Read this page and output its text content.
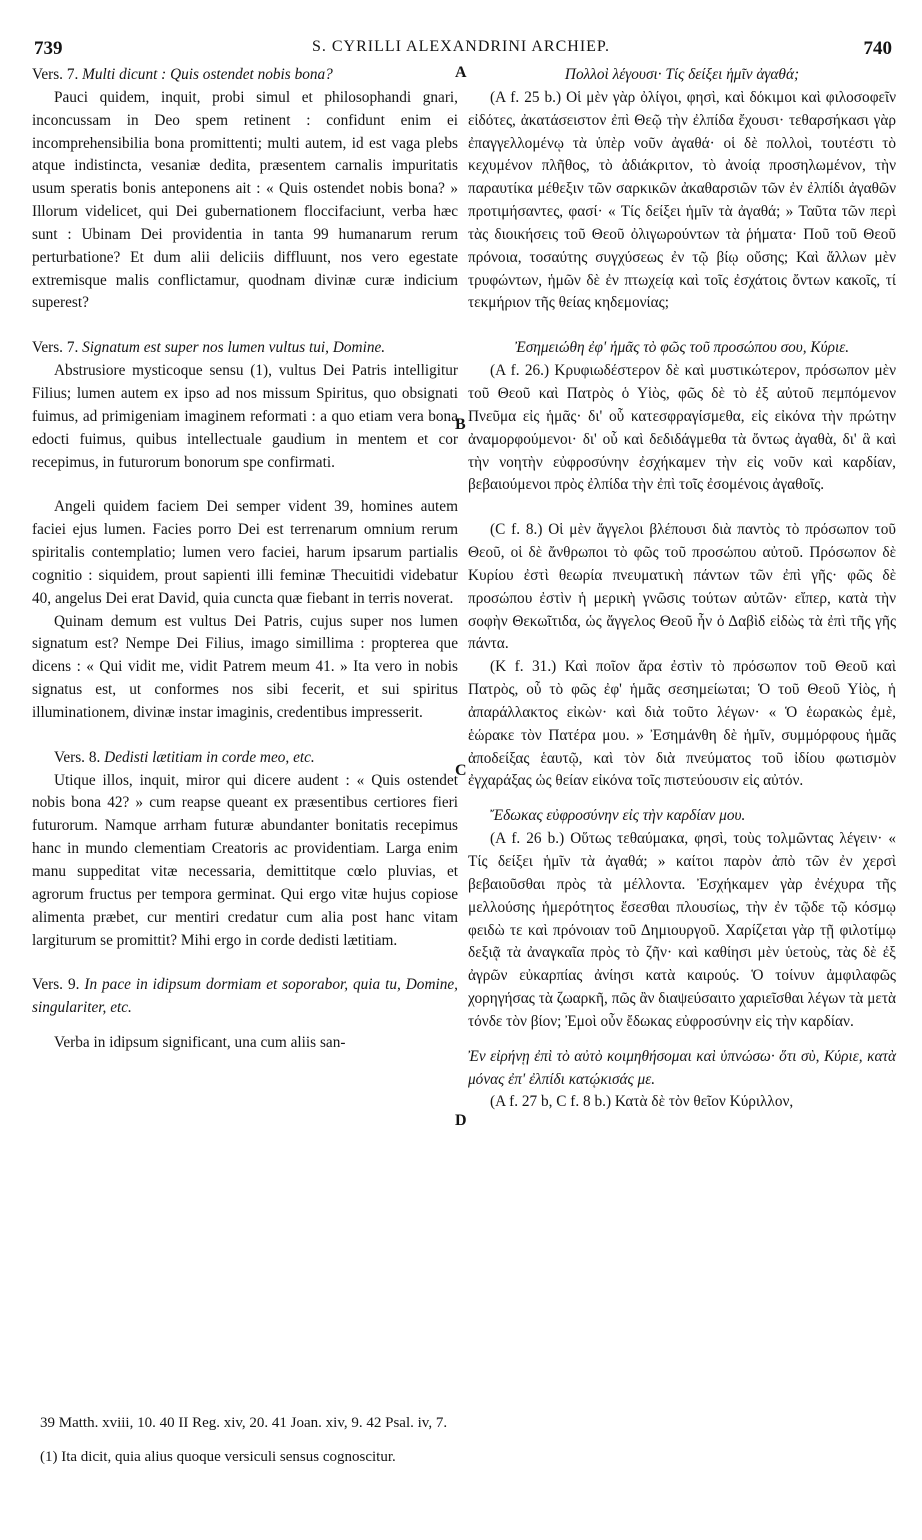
739	S. CYRILLI ALEXANDRINI ARCHIEP.	740
A
B
C
D

Vers. 7. Multi dicunt : Quis ostendet nobis bona?

Pauci quidem, inquit, probi simul et philosophandi gnari, inconcussam in Deo spem retinent : confidunt enim ei incomprehensibilia bona promittenti; multi autem, id est vaga plebs atque indistincta, vesaniæ dedita, præsentem carnalis impuritatis usum speratis bonis anteponens ait : « Quis ostendet nobis bona? » Illorum videlicet, qui Dei gubernationem floccifaciunt, verba hæc sunt : Ubinam Dei providentia in tanta 99 humanarum rerum perturbatione? Et dum alii deliciis diffluunt, nos vero egestate extremisque malis conflictamur, quodnam divinæ curæ indicium superest?

Vers. 7. Signatum est super nos lumen vultus tui, Domine.

Abstrusiore mysticoque sensu (1), vultus Dei Patris intelligitur Filius; lumen autem ex ipso ad nos missum Spiritus, quo obsignati fuimus, ad primigeniam imaginem reformati : a quo etiam vera bona edocti fuimus, quibus intellectuale gaudium in mentem et cor recepimus, in futurorum bonorum spe confirmati.

Angeli quidem faciem Dei semper vident 39, homines autem faciei ejus lumen. Facies porro Dei est terrenarum omnium rerum spiritalis contemplatio; lumen vero faciei, harum ipsarum partialis cognitio : siquidem, prout sapienti illi feminæ Thecuitidi videbatur 40, angelus Dei erat David, quia cuncta quæ fiebant in terris noverat.

Quinam demum est vultus Dei Patris, cujus super nos lumen signatum est? Nempe Dei Filius, imago simillima : propterea que dicens : « Qui vidit me, vidit Patrem meum 41. » Ita vero in nobis signatus est, ut conformes nos sibi fecerit, et sui spiritus illuminationem, divinæ instar imaginis, credentibus impresserit.

Vers. 8. Dedisti lætitiam in corde meo, etc.

Utique illos, inquit, miror qui dicere audent : « Quis ostendet nobis bona 42? » cum reapse queant ex præsentibus certiores fieri futurorum. Namque arrham futuræ abundanter bonitatis recepimus hanc in mundo clementiam Creatoris ac providentiam. Larga enim manu suppeditat vitæ necessaria, demittitque cœlo pluvias, et agrorum fructus per tempora germinat. Qui ergo vitæ hujus copiose alimenta præbet, cur mentiri credatur cum alia post hanc vitam largiturum se promittit? Mihi ergo in corde dedisti lætitiam.

Vers. 9. In pace in idipsum dormiam et soporabor, quia tu, Domine, singulariter, etc.

Verba in idipsum significant, una cum aliis san-

Πολλοὶ λέγουσι· Τίς δείξει ἡμῖν ἀγαθά;

(A f. 25 b.) Οἱ μὲν γὰρ ὀλίγοι, φησὶ, καὶ δόκιμοι καὶ φιλοσοφεῖν εἰδότες, ἀκατάσειστον ἐπὶ Θεῷ τὴν ἐλπίδα ἔχουσι· τεθαρσήκασι γὰρ ἐπαγγελλομένῳ τὰ ὑπὲρ νοῦν ἀγαθά· οἱ δὲ πολλοὶ, τουτέστι τὸ κεχυμένον πλῆθος, τὸ ἀδιάκριτον, τὸ ἀνοίᾳ προσηλωμένον, τὴν παραυτίκα μέθεξιν τῶν σαρκικῶν ἀκαθαρσιῶν τῶν ἐν ἐλπίδι ἀγαθῶν προτιμήσαντες, φασί· « Τίς δείξει ἡμῖν τὰ ἀγαθά; » Ταῦτα τῶν περὶ τὰς διοικήσεις τοῦ Θεοῦ ὀλιγωρούντων τὰ ῥήματα· Ποῦ τοῦ Θεοῦ πρόνοια, τοσαύτης συγχύσεως ἐν τῷ βίῳ οὔσης; Καὶ ἄλλων μὲν τρυφώντων, ἡμῶν δὲ ἐν πτωχείᾳ καὶ τοῖς ἐσχάτοις ὄντων κακοῖς, τί τεκμήριον τῆς θείας κηδεμονίας;

Ἐσημειώθη ἐφ' ἡμᾶς τὸ φῶς τοῦ προσώπου σου, Κύριε.

(A f. 26.) Κρυφιωδέστερον δὲ καὶ μυστικώτερον, πρόσωπον μὲν τοῦ Θεοῦ καὶ Πατρὸς ὁ Υἱὸς, φῶς δὲ τὸ ἐξ αὐτοῦ πεμπόμενον Πνεῦμα εἰς ἡμᾶς· δι' οὗ κατεσφραγίσμεθα, εἰς εἰκόνα τὴν πρώτην ἀναμορφούμενοι· δι' οὗ καὶ δεδιδάγμεθα τὰ ὄντως ἀγαθὰ, δι' ἃ καὶ τὴν νοητὴν εὐφροσύνην ἐσχήκαμεν τὴν εἰς νοῦν καὶ καρδίαν, βεβαιούμενοι πρὸς ἐλπίδα τὴν ἐπὶ τοῖς ἐσομένοις ἀγαθοῖς.

(C f. 8.) Οἱ μὲν ἄγγελοι βλέπουσι διὰ παντὸς τὸ πρόσωπον τοῦ Θεοῦ, οἱ δὲ ἄνθρωποι τὸ φῶς τοῦ προσώπου αὐτοῦ. Πρόσωπον δὲ Κυρίου ἐστὶ θεωρία πνευματικὴ πάντων τῶν ἐπὶ γῆς· φῶς δὲ προσώπου ἐστὶν ἡ μερικὴ γνῶσις τούτων αὐτῶν· εἴπερ, κατὰ τὴν σοφὴν Θεκωῖτιδα, ὡς ἄγγελος Θεοῦ ἦν ὁ Δαβὶδ εἰδὼς τὰ ἐπὶ τῆς γῆς πάντα.

(K f. 31.) Καὶ ποῖον ἄρα ἐστὶν τὸ πρόσωπον τοῦ Θεοῦ καὶ Πατρὸς, οὗ τὸ φῶς ἐφ' ἡμᾶς σεσημείωται; Ὁ τοῦ Θεοῦ Υἱὸς, ἡ ἀπαράλλακτος εἰκὼν· καὶ διὰ τοῦτο λέγων· « Ὁ ἑωρακὼς ἐμὲ, ἑώρακε τὸν Πατέρα μου. » Ἐσημάνθη δὲ ἡμῖν, συμμόρφους ἡμᾶς ἀποδείξας ἑαυτῷ, καὶ τὸν διὰ πνεύματος τοῦ ἰδίου φωτισμὸν ἐγχαράξας ὡς θείαν εἰκόνα τοῖς πιστεύουσιν εἰς αὐτόν.

Ἔδωκας εὐφροσύνην εἰς τὴν καρδίαν μου.

(A f. 26 b.) Οὕτως τεθαύμακα, φησὶ, τοὺς τολμῶντας λέγειν· « Τίς δείξει ἡμῖν τὰ ἀγαθά; » καίτοι παρὸν ἀπὸ τῶν ἐν χερσὶ βεβαιοῦσθαι πρὸς τὰ μέλλοντα. Ἐσχήκαμεν γὰρ ἐνέχυρα τῆς μελλούσης ἡμερότητος ἔσεσθαι πλουσίως, τὴν ἐν τῷδε τῷ κόσμῳ φειδὼ τε καὶ πρόνοιαν τοῦ Δημιουργοῦ. Χαρίζεται γὰρ τῇ φιλοτίμῳ δεξιᾷ τὰ ἀναγκαῖα πρὸς τὸ ζῆν· καὶ καθίησι μὲν ὑετοὺς, τὰς δὲ ἐξ ἀγρῶν εὐκαρπίας ἀνίησι κατὰ καιρούς. Ὁ τοίνυν ἀμφιλαφῶς χορηγήσας τὰ ζωαρκῆ, πῶς ἂν διαψεύσαιτο χαριεῖσθαι λέγων τὰ μετὰ τόνδε τὸν βίον; Ἐμοὶ οὖν ἔδωκας εὐφροσύνην εἰς τὴν καρδίαν.

Ἐν εἰρήνῃ ἐπὶ τὸ αὐτὸ κοιμηθήσομαι καὶ ὑπνώσω· ὅτι σὺ, Κύριε, κατὰ μόνας ἐπ' ἐλπίδι κατῴκισάς με.

(A f. 27 b, C f. 8 b.) Κατὰ δὲ τὸν θεῖον Κύριλλον,

39 Matth. xviii, 10. 40 II Reg. xiv, 20. 41 Joan. xiv, 9. 42 Psal. iv, 7.
(1) Ita dicit, quia alius quoque versiculi sensus cognoscitur.
